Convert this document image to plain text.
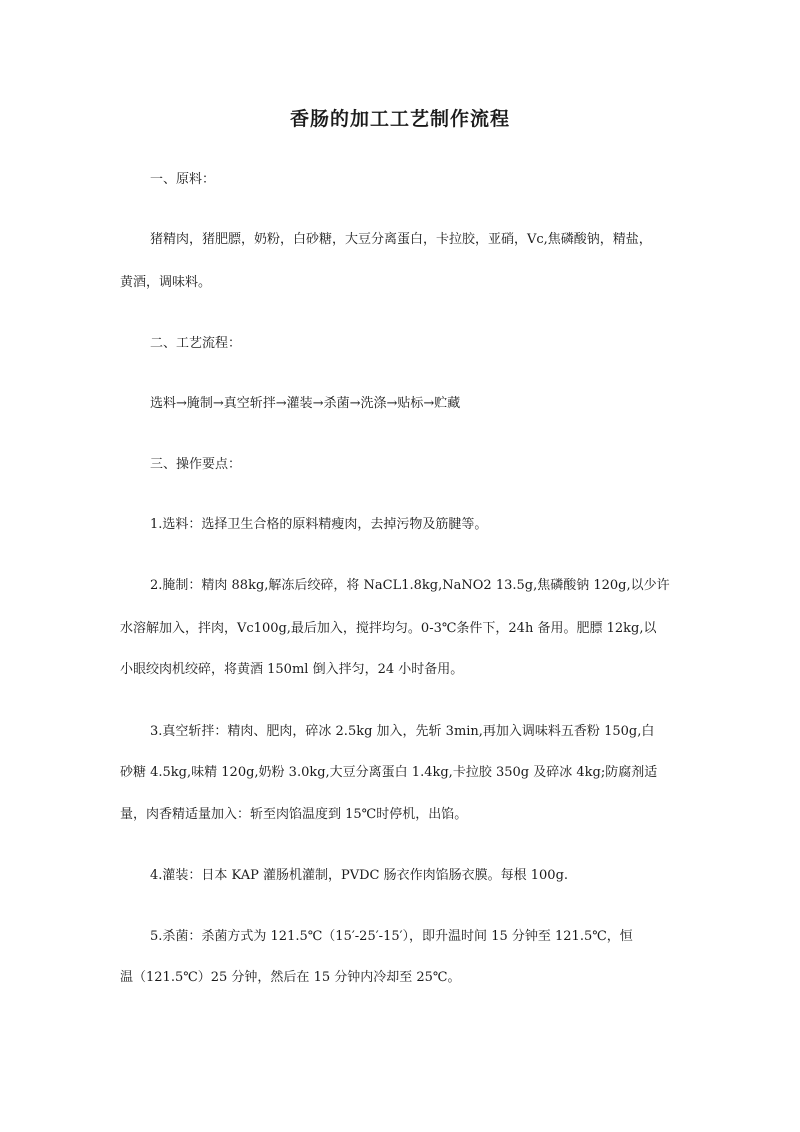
香肠的加工工艺制作流程
一、原料：
猪精肉，猪肥膘，奶粉，白砂糖，大豆分离蛋白，卡拉胶，亚硝，Vc,焦磷酸钠，精盐，
黄酒，调味料。
二、工艺流程：
选料→腌制→真空斩拌→灌装→杀菌→洗涤→贴标→贮藏
三、操作要点：
1.选料：选择卫生合格的原料精瘦肉，去掉污物及筋腱等。
2.腌制：精肉 88kg,解冻后绞碎，将 NaCL1.8kg,NaNO2 13.5g,焦磷酸钠 120g,以少许
水溶解加入，拌肉，Vc100g,最后加入，搅拌均匀。0-3℃条件下，24h 备用。肥膘 12kg,以
小眼绞肉机绞碎，将黄酒 150ml 倒入拌匀，24 小时备用。
3.真空斩拌：精肉、肥肉，碎冰 2.5kg 加入，先斩 3min,再加入调味料五香粉 150g,白
砂糖 4.5kg,味精 120g,奶粉 3.0kg,大豆分离蛋白 1.4kg,卡拉胶 350g 及碎冰 4kg;防腐剂适
量，肉香精适量加入：斩至肉馅温度到 15℃时停机，出馅。
4.灌装：日本 KAP 灌肠机灌制，PVDC 肠衣作肉馅肠衣膜。每根 100g.
5.杀菌：杀菌方式为 121.5℃（15′-25′-15′），即升温时间 15 分钟至 121.5℃，恒
温（121.5℃）25 分钟，然后在 15 分钟内冷却至 25℃。
